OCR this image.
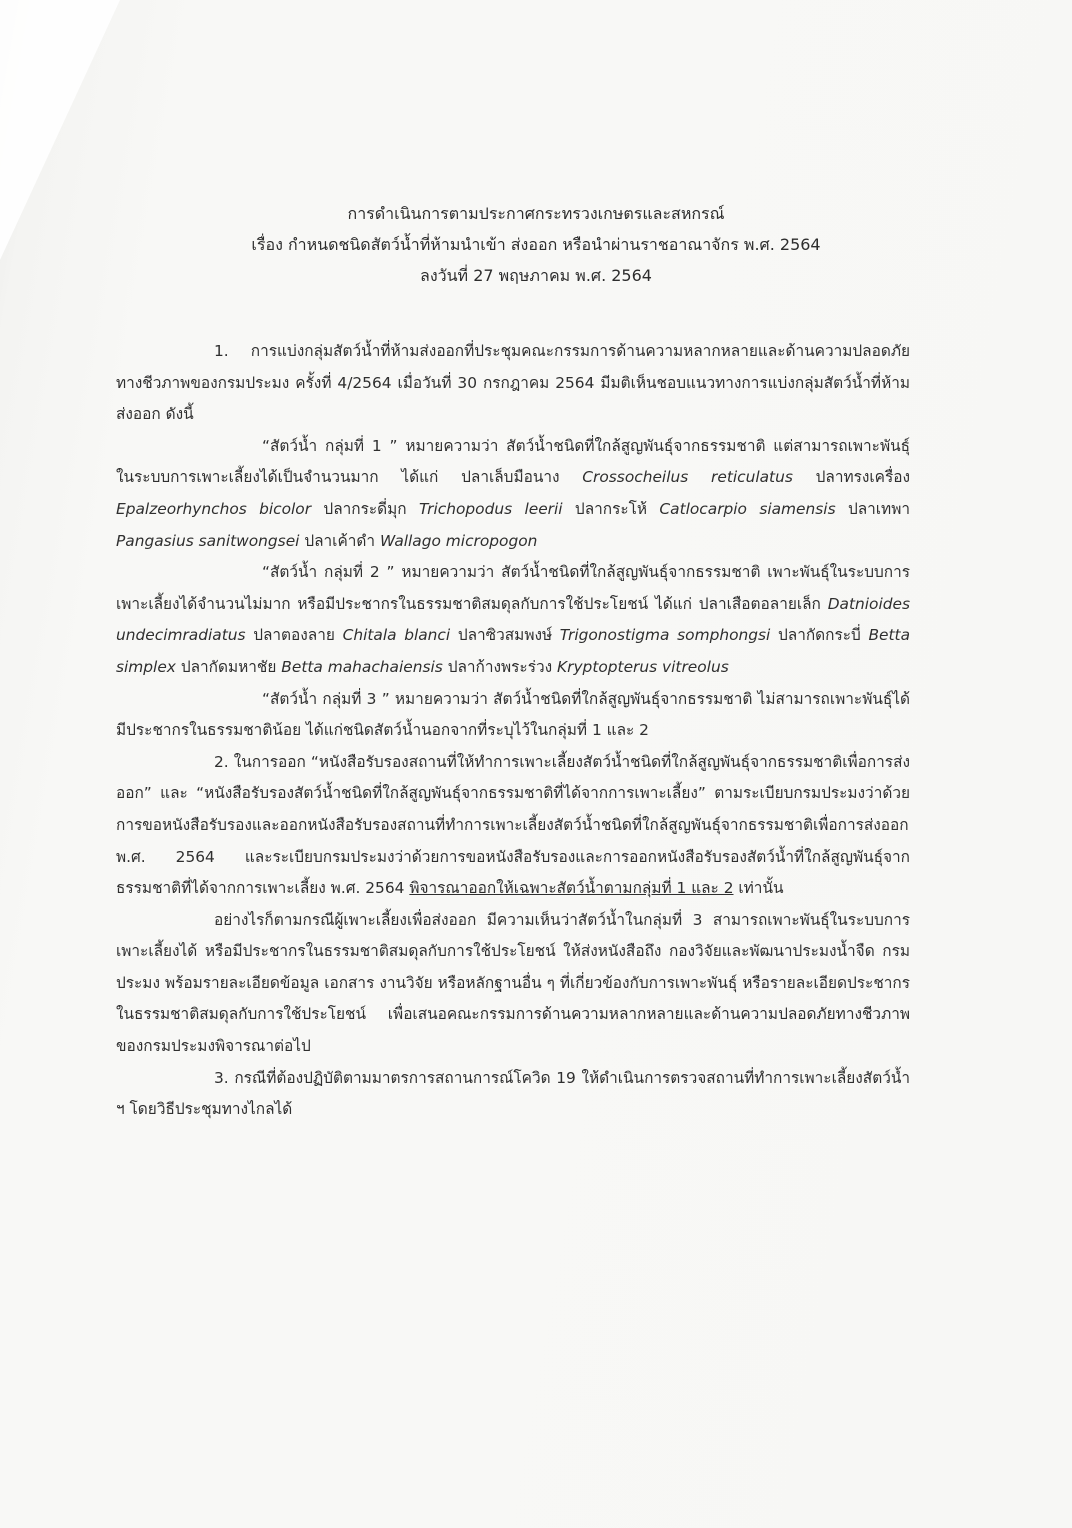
การดำเนินการตามประกาศกระทรวงเกษตรและสหกรณ์
เรื่อง กำหนดชนิดสัตว์น้ำที่ห้ามนำเข้า ส่งออก หรือนำผ่านราชอาณาจักร พ.ศ. 2564
ลงวันที่ 27 พฤษภาคม พ.ศ. 2564

1. การแบ่งกลุ่มสัตว์น้ำที่ห้ามส่งออกที่ประชุมคณะกรรมการด้านความหลากหลายและด้านความปลอดภัยทางชีวภาพของกรมประมง ครั้งที่ 4/2564 เมื่อวันที่ 30 กรกฎาคม 2564 มีมติเห็นชอบแนวทางการแบ่งกลุ่มสัตว์น้ำที่ห้ามส่งออก ดังนี้

“สัตว์น้ำ กลุ่มที่ 1 ” หมายความว่า สัตว์น้ำชนิดที่ใกล้สูญพันธุ์จากธรรมชาติ แต่สามารถเพาะพันธุ์ในระบบการเพาะเลี้ยงได้เป็นจำนวนมาก ได้แก่ ปลาเล็บมือนาง Crossocheilus reticulatus ปลาทรงเครื่อง Epalzeorhynchos bicolor ปลากระดี่มุก Trichopodus leerii ปลากระโห้ Catlocarpio siamensis ปลาเทพา Pangasius sanitwongsei ปลาเค้าดำ Wallago micropogon

“สัตว์น้ำ กลุ่มที่ 2 ” หมายความว่า สัตว์น้ำชนิดที่ใกล้สูญพันธุ์จากธรรมชาติ เพาะพันธุ์ในระบบการเพาะเลี้ยงได้จำนวนไม่มาก หรือมีประชากรในธรรมชาติสมดุลกับการใช้ประโยชน์ ได้แก่ ปลาเสือตอลายเล็ก Datnioides undecimradiatus ปลาตองลาย Chitala blanci ปลาซิวสมพงษ์ Trigonostigma somphongsi ปลากัดกระบี่ Betta simplex ปลากัดมหาชัย Betta mahachaiensis ปลาก้างพระร่วง Kryptopterus vitreolus

“สัตว์น้ำ กลุ่มที่ 3 ” หมายความว่า สัตว์น้ำชนิดที่ใกล้สูญพันธุ์จากธรรมชาติ ไม่สามารถเพาะพันธุ์ได้ มีประชากรในธรรมชาติน้อย ได้แก่ชนิดสัตว์น้ำนอกจากที่ระบุไว้ในกลุ่มที่ 1 และ 2

2. ในการออก “หนังสือรับรองสถานที่ให้ทำการเพาะเลี้ยงสัตว์น้ำชนิดที่ใกล้สูญพันธุ์จากธรรมชาติเพื่อการส่งออก” และ “หนังสือรับรองสัตว์น้ำชนิดที่ใกล้สูญพันธุ์จากธรรมชาติที่ได้จากการเพาะเลี้ยง” ตามระเบียบกรมประมงว่าด้วยการขอหนังสือรับรองและออกหนังสือรับรองสถานที่ทำการเพาะเลี้ยงสัตว์น้ำชนิดที่ใกล้สูญพันธุ์จากธรรมชาติเพื่อการส่งออก พ.ศ. 2564 และระเบียบกรมประมงว่าด้วยการขอหนังสือรับรองและการออกหนังสือรับรองสัตว์น้ำที่ใกล้สูญพันธุ์จากธรรมชาติที่ได้จากการเพาะเลี้ยง พ.ศ. 2564 พิจารณาออกให้เฉพาะสัตว์น้ำตามกลุ่มที่ 1 และ 2 เท่านั้น

อย่างไรก็ตามกรณีผู้เพาะเลี้ยงเพื่อส่งออก มีความเห็นว่าสัตว์น้ำในกลุ่มที่ 3 สามารถเพาะพันธุ์ในระบบการเพาะเลี้ยงได้ หรือมีประชากรในธรรมชาติสมดุลกับการใช้ประโยชน์ ให้ส่งหนังสือถึง กองวิจัยและพัฒนาประมงน้ำจืด กรมประมง พร้อมรายละเอียดข้อมูล เอกสาร งานวิจัย หรือหลักฐานอื่น ๆ ที่เกี่ยวข้องกับการเพาะพันธุ์ หรือรายละเอียดประชากรในธรรมชาติสมดุลกับการใช้ประโยชน์ เพื่อเสนอคณะกรรมการด้านความหลากหลายและด้านความปลอดภัยทางชีวภาพของกรมประมงพิจารณาต่อไป

3. กรณีที่ต้องปฏิบัติตามมาตรการสถานการณ์โควิด 19 ให้ดำเนินการตรวจสถานที่ทำการเพาะเลี้ยงสัตว์น้ำ ฯ โดยวิธีประชุมทางไกลได้
